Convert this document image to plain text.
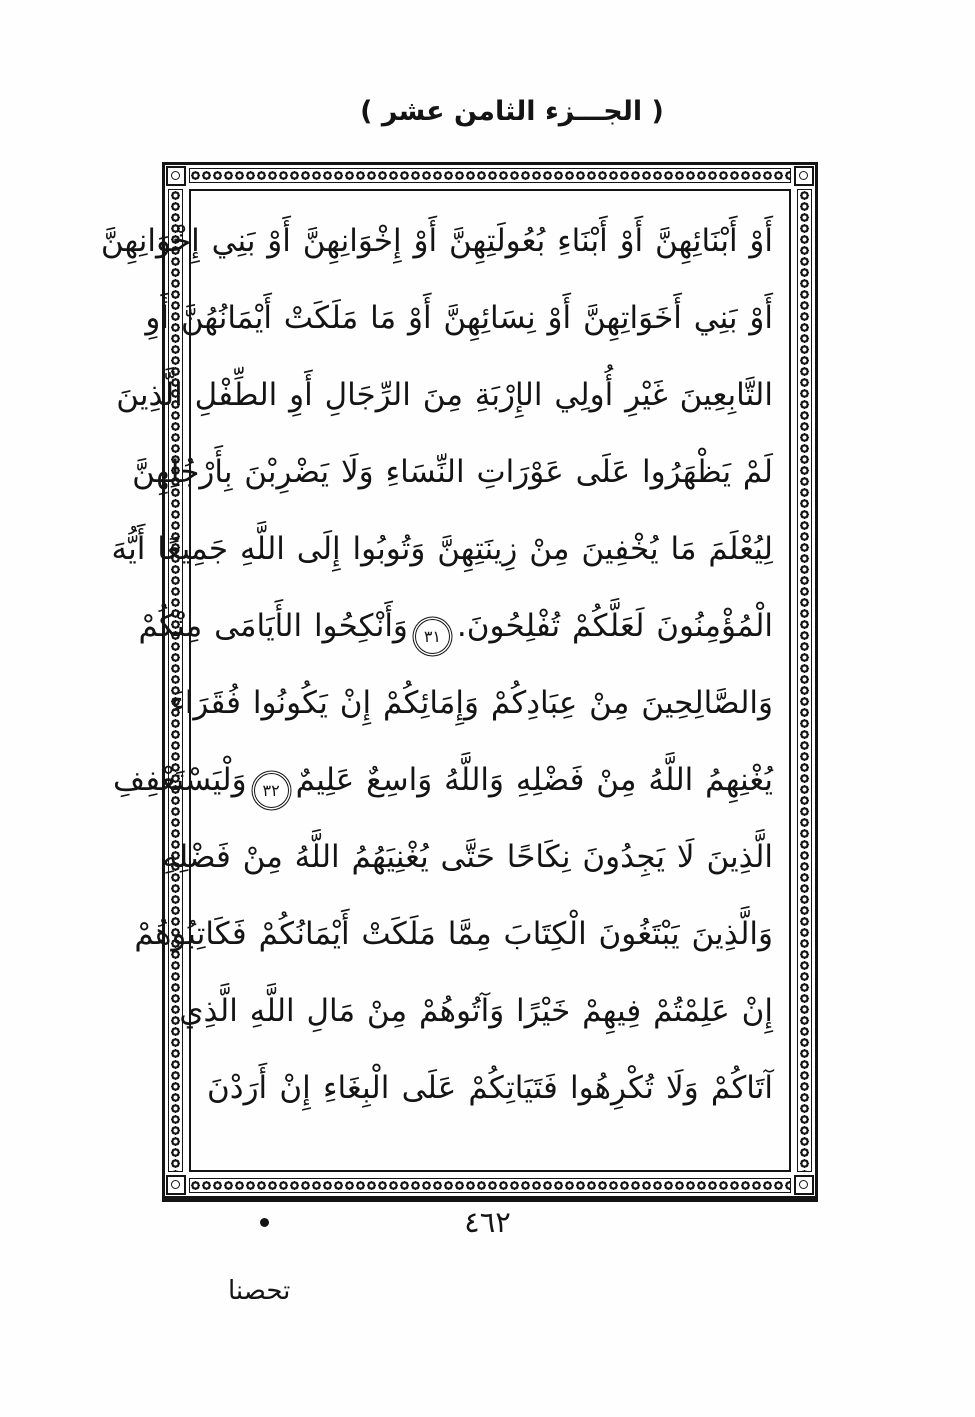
( الجـــزء الثامن عشر )
أَوْ أَبْنَائِهِنَّ أَوْ أَبْنَاءِ بُعُولَتِهِنَّ أَوْ إِخْوَانِهِنَّ أَوْ بَنِي إِخْوَانِهِنَّ
أَوْ بَنِي أَخَوَاتِهِنَّ أَوْ نِسَائِهِنَّ أَوْ مَا مَلَكَتْ أَيْمَانُهُنَّ أَوِ
التَّابِعِينَ غَيْرِ أُولِي الإِرْبَةِ مِنَ الرِّجَالِ أَوِ الطِّفْلِ الَّذِينَ
لَمْ يَظْهَرُوا عَلَى عَوْرَاتِ النِّسَاءِ وَلَا يَضْرِبْنَ بِأَرْجُلِهِنَّ
لِيُعْلَمَ مَا يُخْفِينَ مِنْ زِينَتِهِنَّ وَتُوبُوا إِلَى اللَّهِ جَمِيعًا أَيُّهَ
الْمُؤْمِنُونَ لَعَلَّكُمْ تُفْلِحُونَ.٣١وَأَنْكِحُوا الأَيَامَى مِنْكُمْ
وَالصَّالِحِينَ مِنْ عِبَادِكُمْ وَإِمَائِكُمْ إِنْ يَكُونُوا فُقَرَاءَ
يُغْنِهِمُ اللَّهُ مِنْ فَضْلِهِ وَاللَّهُ وَاسِعٌ عَلِيمٌ٣٢وَلْيَسْتَعْفِفِ
الَّذِينَ لَا يَجِدُونَ نِكَاحًا حَتَّى يُغْنِيَهُمُ اللَّهُ مِنْ فَضْلِهِ
وَالَّذِينَ يَبْتَغُونَ الْكِتَابَ مِمَّا مَلَكَتْ أَيْمَانُكُمْ فَكَاتِبُوهُمْ
إِنْ عَلِمْتُمْ فِيهِمْ خَيْرًا وَآتُوهُمْ مِنْ مَالِ اللَّهِ الَّذِي
آتَاكُمْ وَلَا تُكْرِهُوا فَتَيَاتِكُمْ عَلَى الْبِغَاءِ إِنْ أَرَدْنَ
٤٦٢
تحصنا
